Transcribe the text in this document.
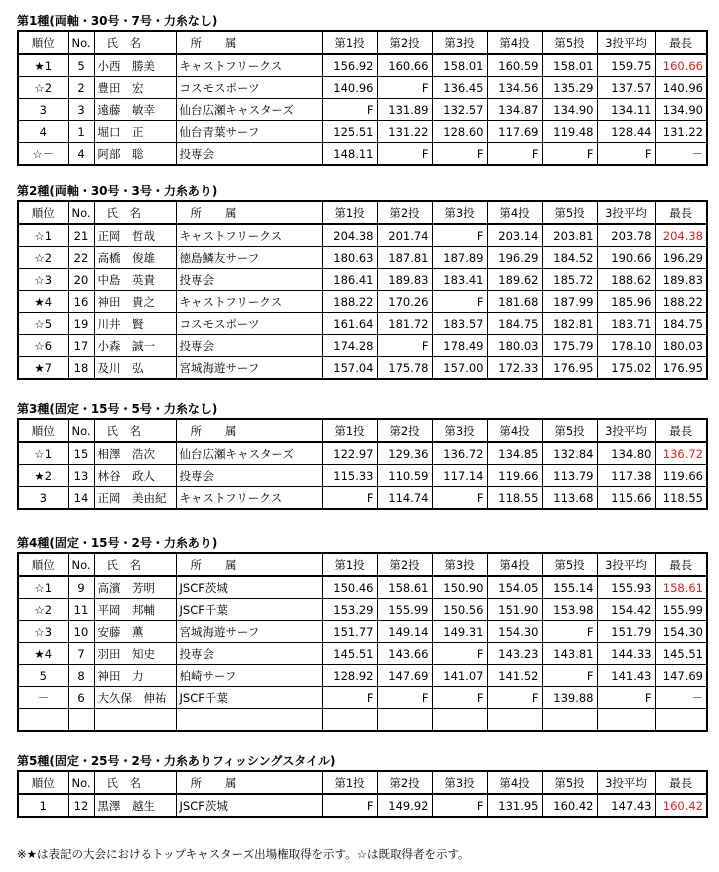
第1種(両軸・30号・7号・力糸なし)
順位	No.	氏　名	所　　属	第1投	第2投	第3投	第4投	第5投	3投平均	最長
★1	5	小西　勝美	キャストフリークス	156.92	160.66	158.01	160.59	158.01	159.75	160.66
☆2	2	豊田　宏	コスモスポーツ	140.96	F	136.45	134.56	135.29	137.57	140.96
3	3	遠藤　敏幸	仙台広瀬キャスターズ	F	131.89	132.57	134.87	134.90	134.11	134.90
4	1	堀口　正	仙台青葉サーフ	125.51	131.22	128.60	117.69	119.48	128.44	131.22
☆－	4	阿部　聡	投専会	148.11	F	F	F	F	F	－
第2種(両軸・30号・3号・力糸あり)
順位	No.	氏　名	所　　属	第1投	第2投	第3投	第4投	第5投	3投平均	最長
☆1	21	正岡　哲哉	キャストフリークス	204.38	201.74	F	203.14	203.81	203.78	204.38
☆2	22	高橋　俊雄	徳島鱗友サーフ	180.63	187.81	187.89	196.29	184.52	190.66	196.29
☆3	20	中島　英貴	投専会	186.41	189.83	183.41	189.62	185.72	188.62	189.83
★4	16	神田　貴之	キャストフリークス	188.22	170.26	F	181.68	187.99	185.96	188.22
☆5	19	川井　賢	コスモスポーツ	161.64	181.72	183.57	184.75	182.81	183.71	184.75
☆6	17	小森　誠一	投専会	174.28	F	178.49	180.03	175.79	178.10	180.03
★7	18	及川　弘	宮城海遊サーフ	157.04	175.78	157.00	172.33	176.95	175.02	176.95
第3種(固定・15号・5号・力糸なし)
順位	No.	氏　名	所　　属	第1投	第2投	第3投	第4投	第5投	3投平均	最長
☆1	15	相澤　浩次	仙台広瀬キャスターズ	122.97	129.36	136.72	134.85	132.84	134.80	136.72
★2	13	林谷　政人	投専会	115.33	110.59	117.14	119.66	113.79	117.38	119.66
3	14	正岡　美由紀	キャストフリークス	F	114.74	F	118.55	113.68	115.66	118.55
第4種(固定・15号・2号・力糸あり)
順位	No.	氏　名	所　　属	第1投	第2投	第3投	第4投	第5投	3投平均	最長
☆1	9	高濱　芳明	JSCF茨城	150.46	158.61	150.90	154.05	155.14	155.93	158.61
☆2	11	平岡　邦輔	JSCF千葉	153.29	155.99	150.56	151.90	153.98	154.42	155.99
☆3	10	安藤　薫	宮城海遊サーフ	151.77	149.14	149.31	154.30	F	151.79	154.30
★4	7	羽田　知史	投専会	145.51	143.66	F	143.23	143.81	144.33	145.51
5	8	神田　力	柏崎サーフ	128.92	147.69	141.07	141.52	F	141.43	147.69
－	6	大久保　伸祐	JSCF千葉	F	F	F	F	139.88	F	－

第5種(固定・25号・2号・力糸ありフィッシングスタイル)
順位	No.	氏　名	所　　属	第1投	第2投	第3投	第4投	第5投	3投平均	最長
1	12	黒澤　越生	JSCF茨城	F	149.92	F	131.95	160.42	147.43	160.42
※★は表記の大会におけるトップキャスターズ出場権取得を示す。☆は既取得者を示す。
